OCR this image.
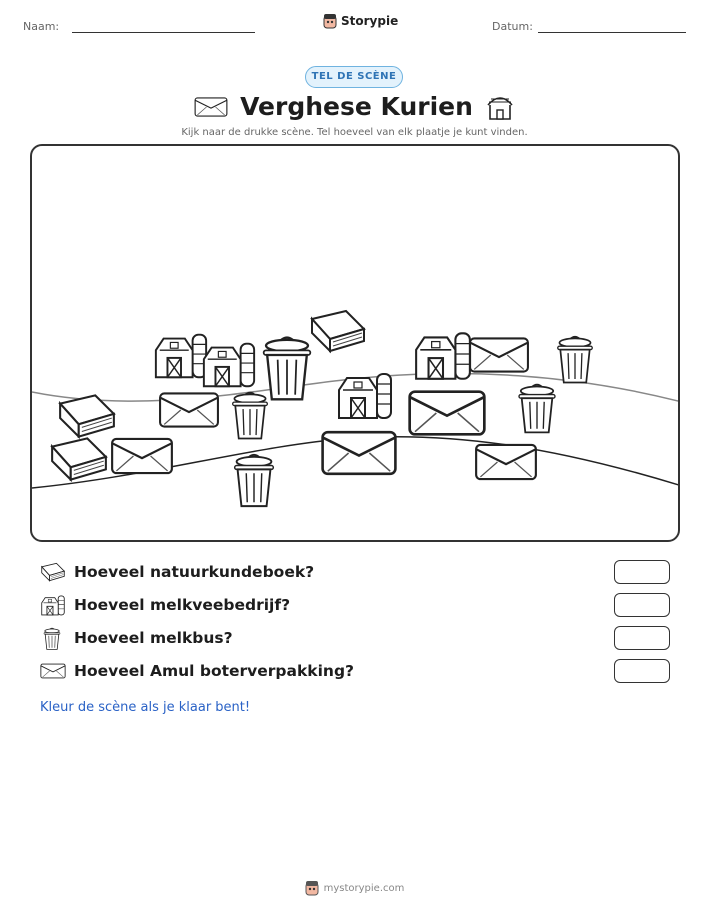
Naam:	Storypie	Datum:
TEL DE SCÈNE
Verghese Kurien
Kijk naar de drukke scène. Tel hoeveel van elk plaatje je kunt vinden.
Hoeveel natuurkundeboek?
Hoeveel melkveebedrijf?
Hoeveel melkbus?
Hoeveel Amul boterverpakking?
Kleur de scène als je klaar bent!
mystorypie.com
